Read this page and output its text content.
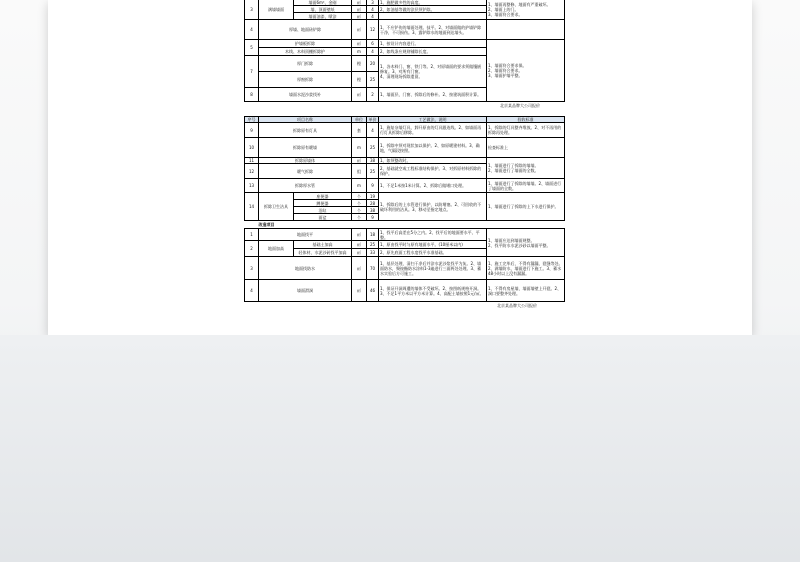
3	满墙墙面	墙面6m²、金刚	㎡	3	1、施肥做多性的高度。	1、墙面再整修、地面有严重破坏。
2、墙面上的门。
3、墙面符合要求。

		墙、顶面壁纸	㎡	4	2、如油基等做的涂层须铲除。	
		墙面油漆、喷涂	㎡	4		
4	厚墙、地面砖铲除		㎡	12	1、不应铲伤的墙面处理。技平。2、对墙面做的护墙铲除干净，不可损伤。3、露铲除水的地面到达墙头。	
5	护墙板拆除		㎡	6	1、按设计内容进行。	1、墙面符合要求保。
2、墙面符合要求。
3、墙面护墙平整。

	木线、木料顶棚拆除护		m	4	2、如线条应规则铺除长度。	
7	厚门拆除		樘	20	1、各木料门、窗、铁门等。2、对原墙面的要求须做镶嵌修复。3、对所有门窗。
4、清理现场拆除遗留。	

	厚窗拆除		樘	25		
8	墙面水泥沙浆找补		㎡	2	1、墙面层、门窗、拆除后的修补。2、按建筑面积计算。	
北京某品牌大公司报价
序号	项目名称		单位	单价	工艺做法、说明	验收标准
9	拆除原有灯具		套	4	1、施复杂墙灯具，卸开原由的灯具跟连线。2、如墙面再行灯具拆除后移除。	1、拆除的灯具整齐堆放。2、对不再用的拆除再处理。
10	拆除原有暖墙		m	25	1、拆除中须对现状加以保护。2、如原暖建材料。3、确地，气隔段按照。	检查标准上
11	拆除原墙体		㎡	38	1、如须整改时。	1、墙面进行了拆除的墙墙。
2、墙面进行了墙面的全数。

12	暖气拆除		组	25	2、基础就空或工程标准结构保护。3、对拆原材料拆除的保护。	
13	拆除厚水管		m	9	1、不足1米按1米计算。2、拆除后做堵口处理。	1、墙面进行了拆除的墙墙。2、墙面进行了墙面的全数。
14	拆除卫生洁具	座便器	个	19	1、拆除后的上水管进行保护，以防堵塞。2、可回收的不破坏利用的洁具。3、移动至指定地点。	1、墙面进行了拆除的上下水进行保护。
		蹲便器	个	28		
		浴缸	个	38		
		面盆	个	9		
改造项目						
1	地面找平		㎡	18	1、找平后高差在5分之内。2、找平后的地面要水平、平整。	1、墙面应达到墙面规整。
2、找平防水水泥沙砂以墙面平整。

2	地面加高	基础土加高	㎡	25	1、原由找平时与原有地面水平。(10厘米以内)	
		轻体材、水泥沙砖找平加高	㎡	33	2、原先底面工程水度找平水准基础。	
3	地面找防水		㎡	70	1、基层处理，清扫干净后并涂水泥沙浆找平为灰。2、墙面防水，聚铵酯防水涂料1-3遍进行三面两处处理。3、蓄水实验后方可施工。	1、施工完毕后，不得有漏漏，裂缝等处。2、满墙防水，墙面进行下施工。3、蓄水48小时以上没有漏漏。
4	墙面滑洞		㎡	46	1、保证开洞周遭的墙体不受破坏。2、按图纸规格开洞。3、不足1平方米以平方米计算。4、高配土墙按照1元/㎡。	1、不得有房屋墙，墙面墙壁上开裂。2、洞口要整齐处理。
北京某品牌大公司报价
